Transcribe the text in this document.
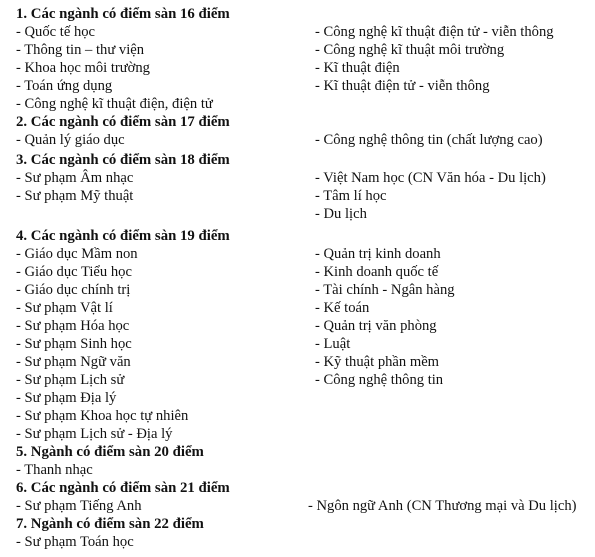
1. Các ngành có điểm sàn 16 điểm
- Quốc tế học
- Thông tin – thư viện
- Khoa học môi trường
- Toán ứng dụng
- Công nghệ kĩ thuật điện, điện tử
- Công nghệ kĩ thuật điện tử - viễn thông
- Công nghệ kĩ thuật môi trường
- Kĩ thuật điện
- Kĩ thuật điện tử - viễn thông
2. Các ngành có điểm sàn 17 điểm
- Quản lý giáo dục	- Công nghệ thông tin (chất lượng cao)
3. Các ngành có điểm sàn 18 điểm
- Sư phạm Âm nhạc
- Sư phạm Mỹ thuật
- Việt Nam học (CN Văn hóa - Du lịch)
- Tâm lí học
- Du lịch
4. Các ngành có điểm sàn 19 điểm
- Giáo dục Mầm non
- Giáo dục Tiểu học
- Giáo dục chính trị
- Sư phạm Vật lí
- Sư phạm Hóa học
- Sư phạm Sinh học
- Sư phạm Ngữ văn
- Sư phạm Lịch sử
- Sư phạm Địa lý
- Sư phạm Khoa học tự nhiên
- Sư phạm Lịch sử - Địa lý
- Quản trị kinh doanh
- Kinh doanh quốc tế
- Tài chính - Ngân hàng
- Kế toán
- Quản trị văn phòng
- Luật
- Kỹ thuật phần mềm
- Công nghệ thông tin
5. Ngành có điểm sàn 20 điểm
- Thanh nhạc
6. Các ngành có điểm sàn 21 điểm
- Sư phạm Tiếng Anh	- Ngôn ngữ Anh (CN Thương mại và Du lịch)
7. Ngành có điểm sàn 22 điểm
- Sư phạm Toán học
